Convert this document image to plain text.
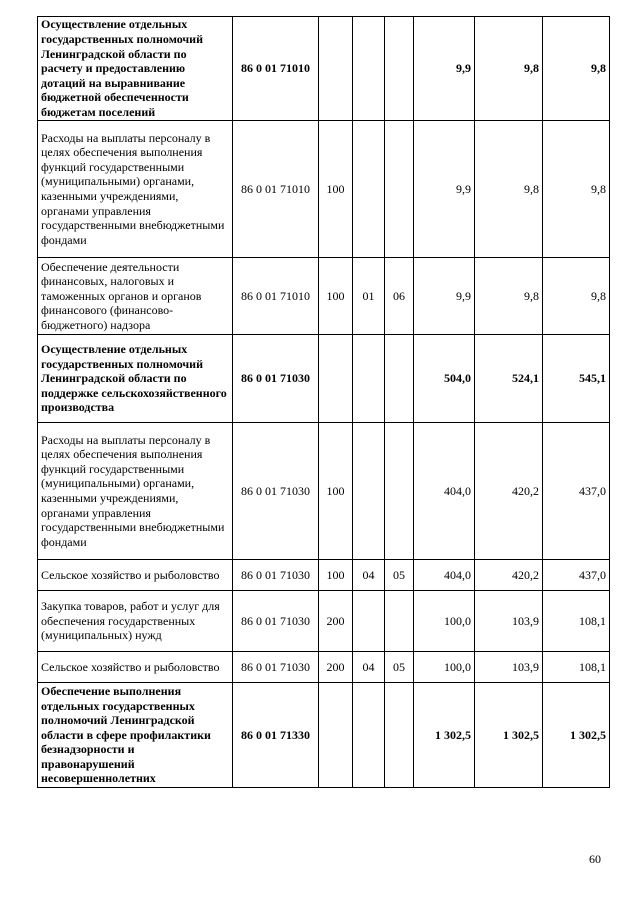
Осуществление отдельных государственных полномочий Ленинградской области по расчету и предоставлению дотаций на выравнивание бюджетной обеспеченности бюджетам поселений	86 0 01 71010				9,9	9,8	9,8
Расходы на выплаты персоналу в целях обеспечения выполнения функций государственными (муниципальными) органами, казенными учреждениями, органами управления государственными внебюджетными фондами	86 0 01 71010	100			9,9	9,8	9,8
Обеспечение деятельности финансовых, налоговых и таможенных органов и органов финансового (финансово-бюджетного) надзора	86 0 01 71010	100	01	06	9,9	9,8	9,8
Осуществление отдельных государственных полномочий Ленинградской области по поддержке сельскохозяйственного производства	86 0 01 71030				504,0	524,1	545,1
Расходы на выплаты персоналу в целях обеспечения выполнения функций государственными (муниципальными) органами, казенными учреждениями, органами управления государственными внебюджетными фондами	86 0 01 71030	100			404,0	420,2	437,0
Сельское хозяйство и рыболовство	86 0 01 71030	100	04	05	404,0	420,2	437,0
Закупка товаров, работ и услуг для обеспечения государственных (муниципальных) нужд	86 0 01 71030	200			100,0	103,9	108,1
Сельское хозяйство и рыболовство	86 0 01 71030	200	04	05	100,0	103,9	108,1
Обеспечение выполнения отдельных государственных полномочий Ленинградской области в сфере профилактики безнадзорности и правонарушений несовершеннолетних	86 0 01 71330				1 302,5	1 302,5	1 302,5
60
